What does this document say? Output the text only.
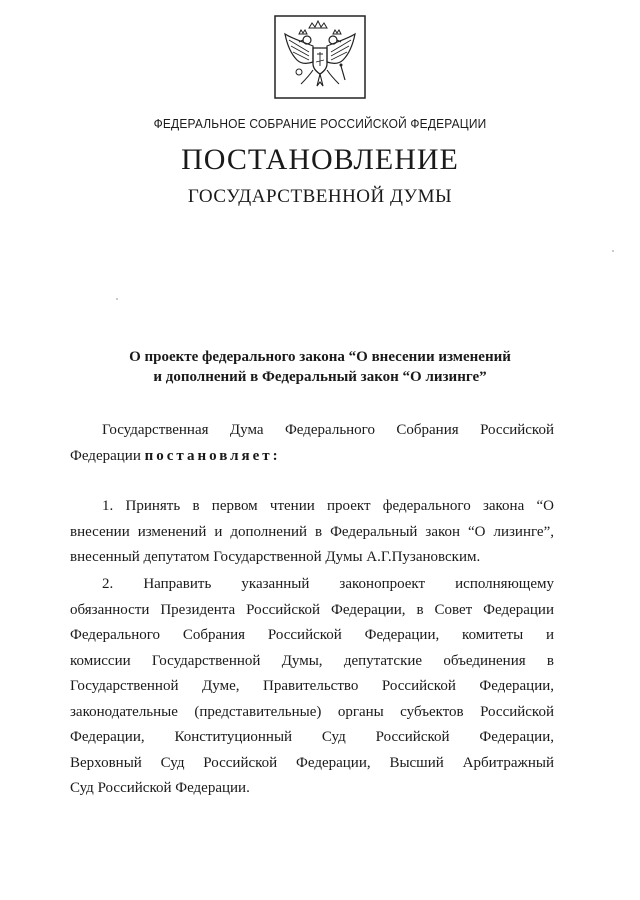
ФЕДЕРАЛЬНОЕ СОБРАНИЕ РОССИЙСКОЙ ФЕДЕРАЦИИ
ПОСТАНОВЛЕНИЕ
ГОСУДАРСТВЕННОЙ ДУМЫ
О проекте федерального закона “О внесении изменений
и дополнений в Федеральный закон “О лизинге”
Государственная Дума Федерального Собрания Российской
Федерации постановляет:
1. Принять в первом чтении проект федерального закона “О
внесении изменений и дополнений в Федеральный закон “О лизинге”,
внесенный депутатом Государственной Думы А.Г.Пузановским.
2. Направить указанный законопроект исполняющему
обязанности Президента Российской Федерации, в Совет Федерации
Федерального Собрания Российской Федерации, комитеты и
комиссии Государственной Думы, депутатские объединения в
Государственной Думе, Правительство Российской Федерации,
законодательные (представительные) органы субъектов Российской
Федерации, Конституционный Суд Российской Федерации,
Верховный Суд Российской Федерации, Высший Арбитражный
Суд Российской Федерации.
